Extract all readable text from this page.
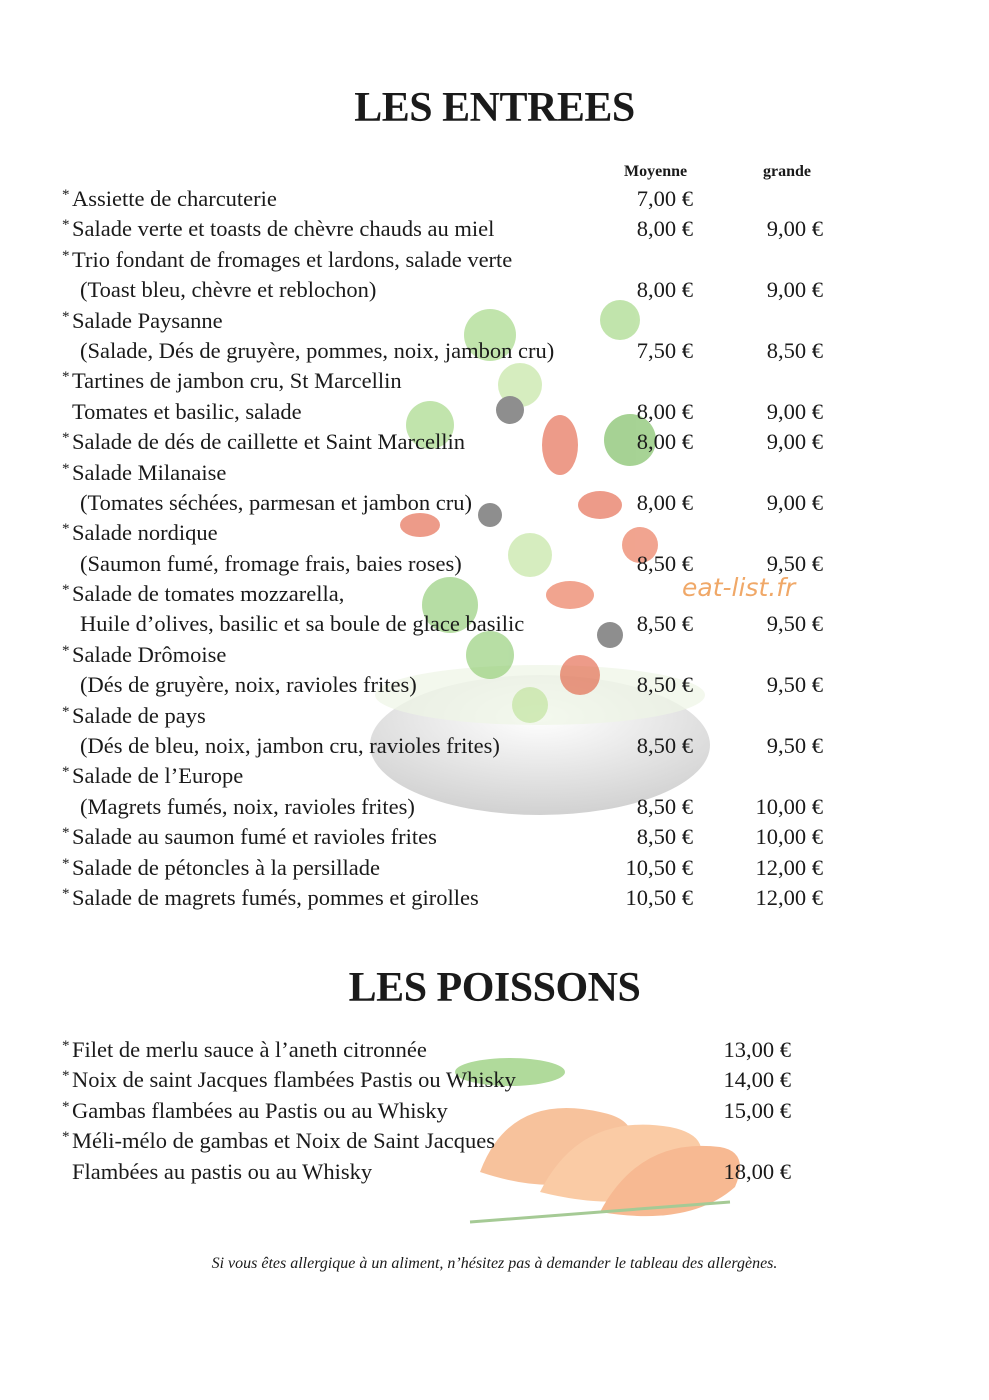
LES ENTREES
Moyenne	grande
* Assiette de charcuterie	7,00 €
* Salade verte et toasts de chèvre chauds au miel	8,00 €	9,00 €
* Trio fondant de fromages et lardons, salade verte
(Toast bleu, chèvre et reblochon)	8,00 €	9,00 €
* Salade Paysanne
(Salade, Dés de gruyère, pommes, noix, jambon cru)	7,50 €	8,50 €
* Tartines de jambon cru, St Marcellin
Tomates et basilic, salade	8,00 €	9,00 €
* Salade de dés de caillette et Saint Marcellin	8,00 €	9,00 €
* Salade Milanaise
(Tomates séchées, parmesan et jambon cru)	8,00 €	9,00 €
* Salade nordique
(Saumon fumé, fromage frais, baies roses)	8,50 €	9,50 €
* Salade de tomates mozzarella,
Huile d’olives, basilic et sa boule de glace basilic	8,50 €	9,50 €
* Salade Drômoise
(Dés de gruyère, noix, ravioles frites)	8,50 €	9,50 €
* Salade de pays
(Dés de bleu, noix, jambon cru, ravioles frites)	8,50 €	9,50 €
* Salade de l’Europe
(Magrets fumés, noix, ravioles frites)	8,50 €	10,00 €
* Salade au saumon fumé et ravioles frites	8,50 €	10,00 €
* Salade de pétoncles à la persillade	10,50 €	12,00 €
* Salade de magrets fumés, pommes et girolles	10,50 €	12,00 €
eat-list.fr
LES POISSONS
* Filet de merlu sauce à l’aneth citronnée	13,00 €
* Noix de saint Jacques flambées Pastis ou Whisky	14,00 €
* Gambas flambées au Pastis ou au Whisky	15,00 €
* Méli-mélo de gambas et Noix de Saint Jacques
Flambées au pastis ou au Whisky	18,00 €
Si vous êtes allergique à un aliment, n’hésitez pas à demander le tableau des allergènes.
